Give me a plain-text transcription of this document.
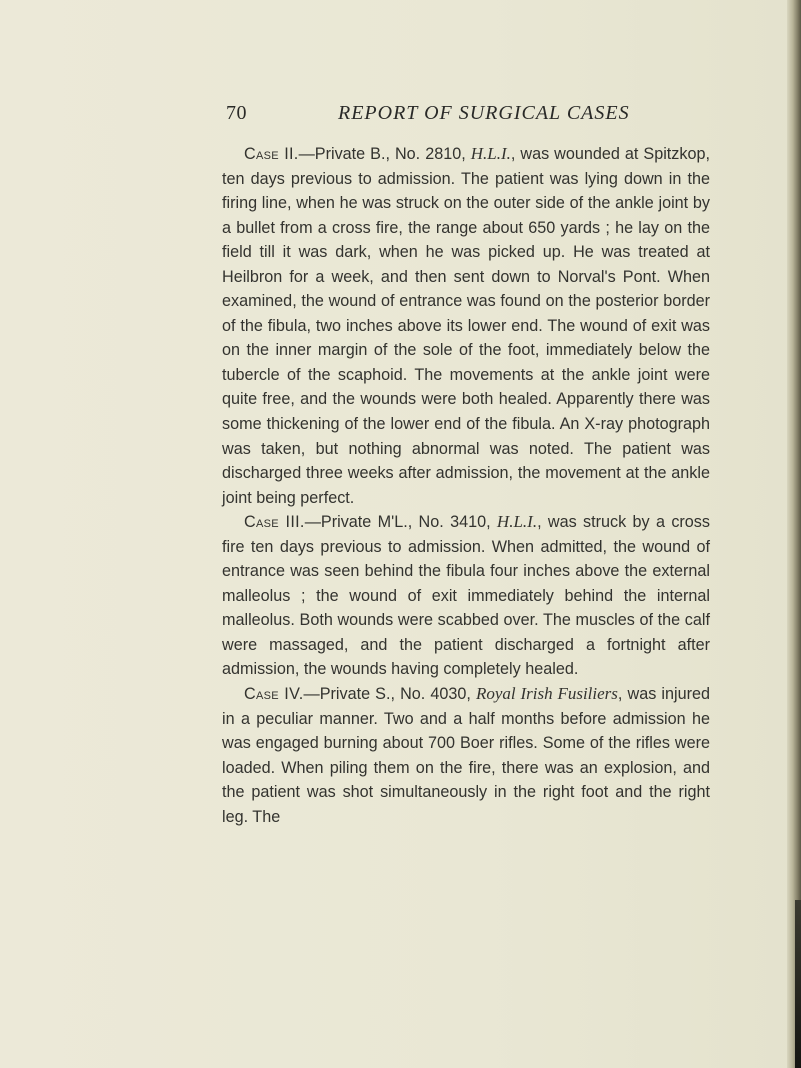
70	REPORT OF SURGICAL CASES

Case II.—Private B., No. 2810, H.L.I., was wounded at Spitzkop, ten days previous to admission. The patient was lying down in the firing line, when he was struck on the outer side of the ankle joint by a bullet from a cross fire, the range about 650 yards ; he lay on the field till it was dark, when he was picked up. He was treated at Heilbron for a week, and then sent down to Norval's Pont. When examined, the wound of entrance was found on the posterior border of the fibula, two inches above its lower end. The wound of exit was on the inner margin of the sole of the foot, immediately below the tubercle of the scaphoid. The movements at the ankle joint were quite free, and the wounds were both healed. Apparently there was some thickening of the lower end of the fibula. An X-ray photograph was taken, but nothing abnormal was noted. The patient was discharged three weeks after admission, the movement at the ankle joint being perfect.

Case III.—Private M'L., No. 3410, H.L.I., was struck by a cross fire ten days previous to admission. When admitted, the wound of entrance was seen behind the fibula four inches above the external malleolus ; the wound of exit immediately behind the internal malleolus. Both wounds were scabbed over. The muscles of the calf were massaged, and the patient discharged a fortnight after admission, the wounds having completely healed.

Case IV.—Private S., No. 4030, Royal Irish Fusiliers, was injured in a peculiar manner. Two and a half months before admission he was engaged burning about 700 Boer rifles. Some of the rifles were loaded. When piling them on the fire, there was an explosion, and the patient was shot simultaneously in the right foot and the right leg. The
